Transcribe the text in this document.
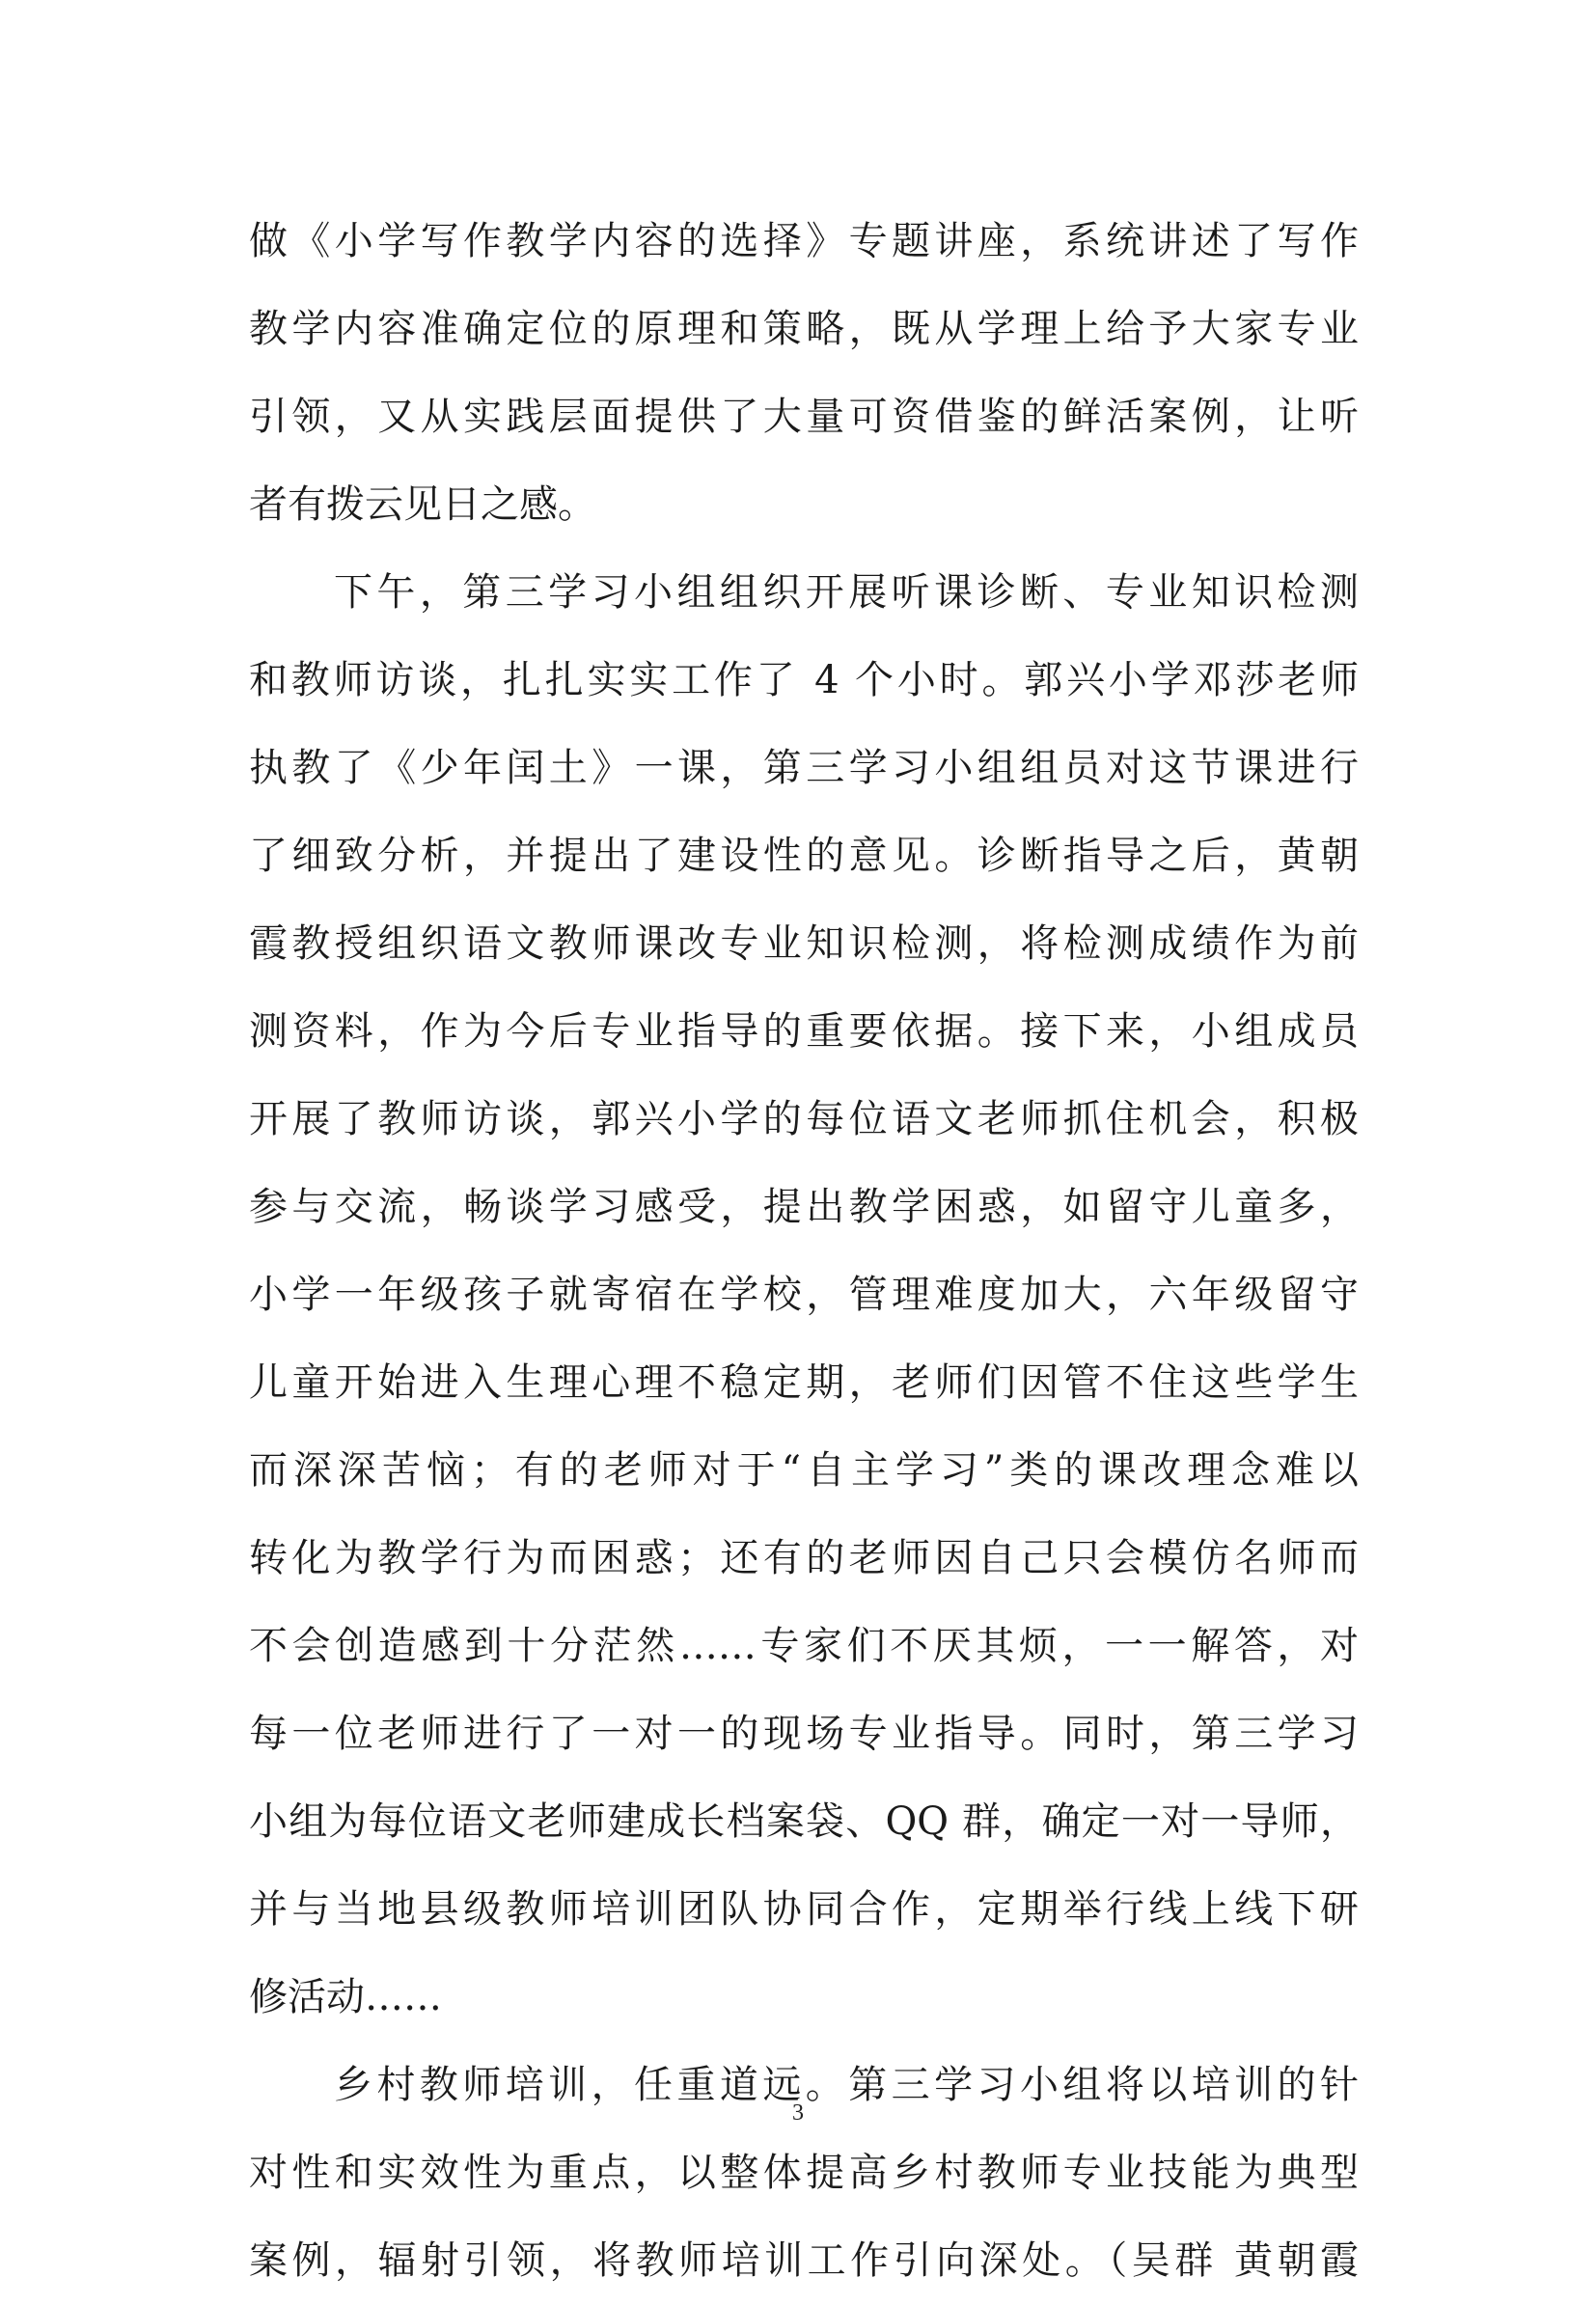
做《小学写作教学内容的选择》专题讲座，系统讲述了写作
教学内容准确定位的原理和策略，既从学理上给予大家专业
引领，又从实践层面提供了大量可资借鉴的鲜活案例，让听
者有拨云见日之感。
下午，第三学习小组组织开展听课诊断、专业知识检测
和教师访谈，扎扎实实工作了 4 个小时。郭兴小学邓莎老师
执教了《少年闰土》一课，第三学习小组组员对这节课进行
了细致分析，并提出了建设性的意见。诊断指导之后，黄朝
霞教授组织语文教师课改专业知识检测，将检测成绩作为前
测资料，作为今后专业指导的重要依据。接下来，小组成员
开展了教师访谈，郭兴小学的每位语文老师抓住机会，积极
参与交流，畅谈学习感受，提出教学困惑，如留守儿童多，
小学一年级孩子就寄宿在学校，管理难度加大，六年级留守
儿童开始进入生理心理不稳定期，老师们因管不住这些学生
而深深苦恼；有的老师对于“自主学习”类的课改理念难以
转化为教学行为而困惑；还有的老师因自己只会模仿名师而
不会创造感到十分茫然……专家们不厌其烦，一一解答，对
每一位老师进行了一对一的现场专业指导。同时，第三学习
小组为每位语文老师建成长档案袋、QQ 群，确定一对一导师，
并与当地县级教师培训团队协同合作，定期举行线上线下研
修活动……
乡村教师培训，任重道远。第三学习小组将以培训的针
对性和实效性为重点，以整体提高乡村教师专业技能为典型
案例，辐射引领，将教师培训工作引向深处。（吴群 黄朝霞
3
